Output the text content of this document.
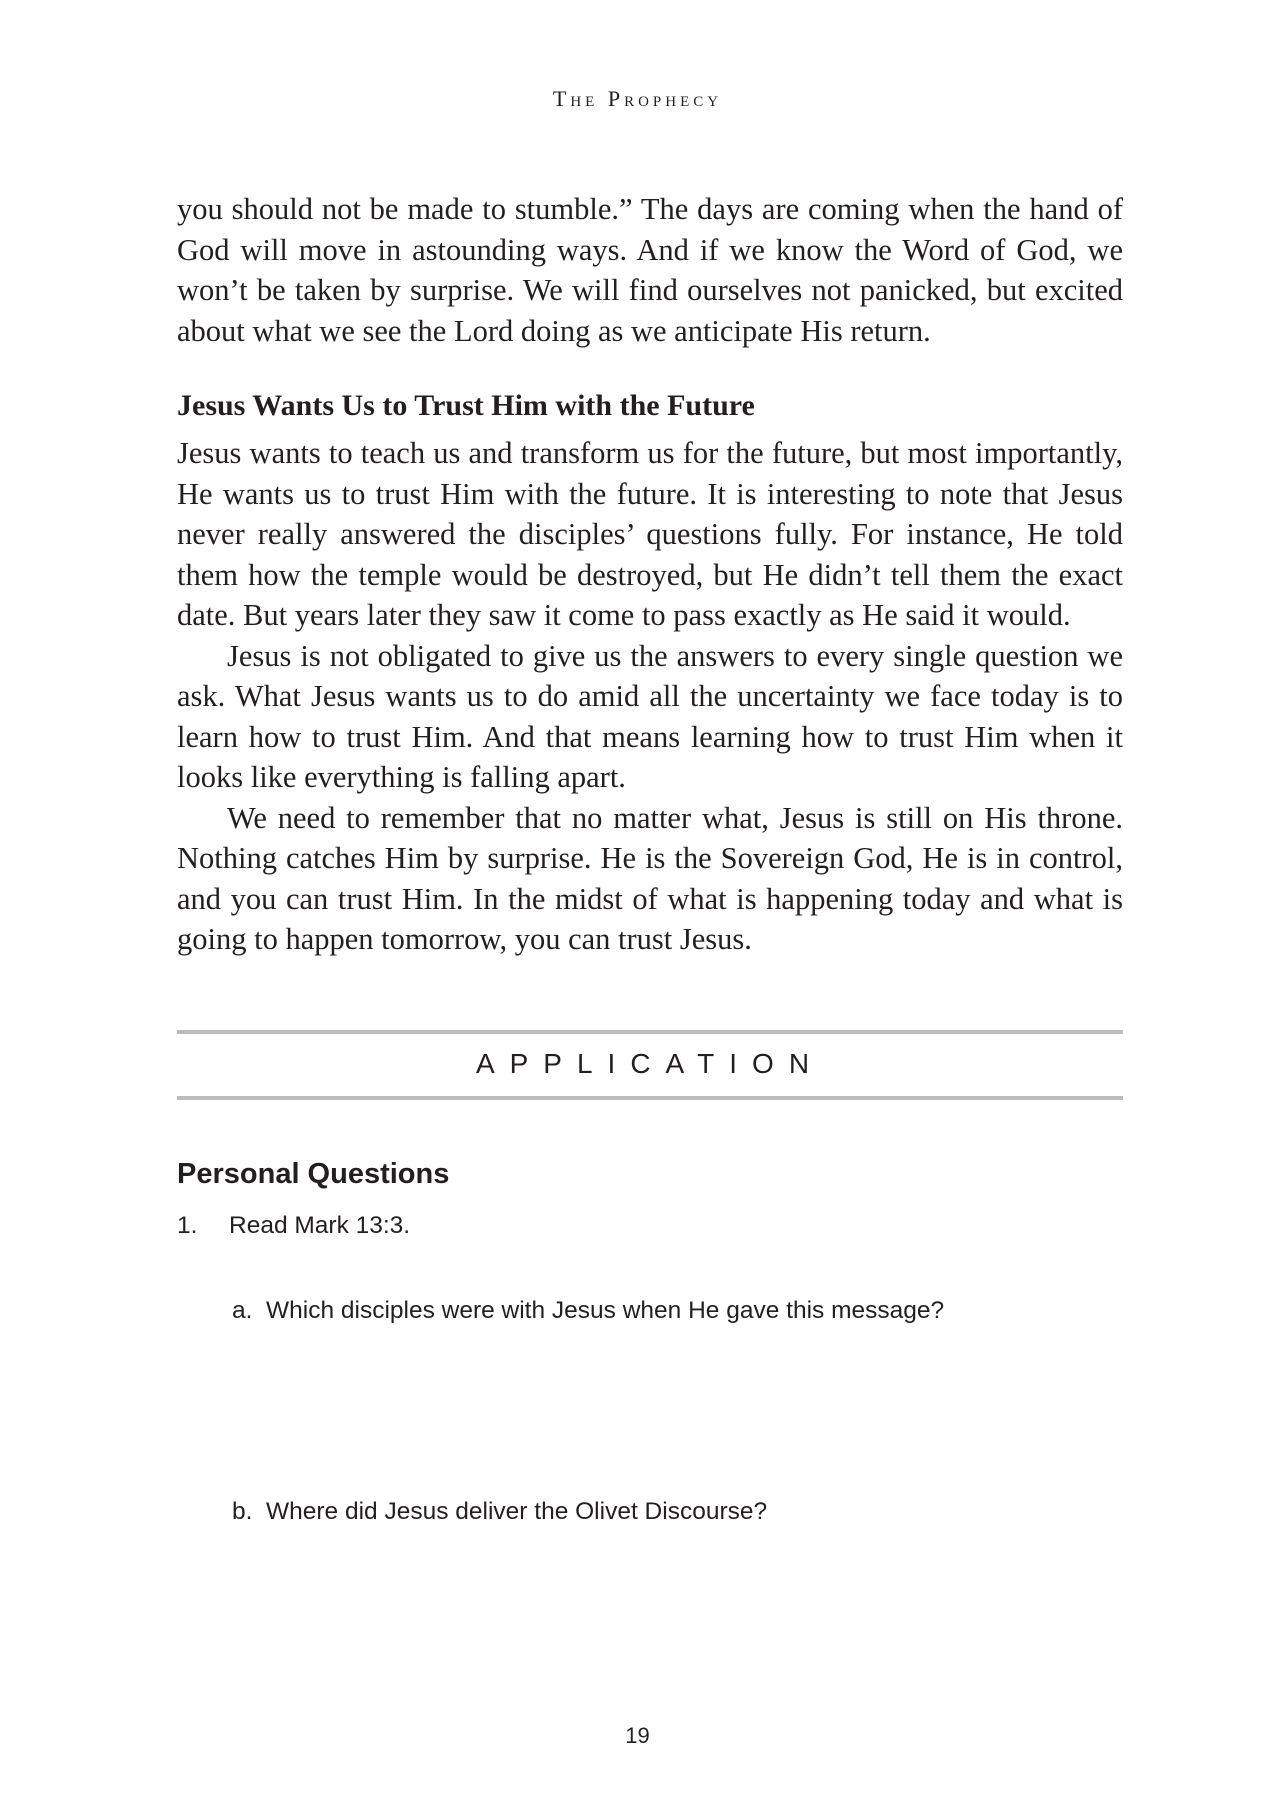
The Prophecy

you should not be made to stumble.” The days are coming when the hand of God will move in astounding ways. And if we know the Word of God, we won’t be taken by surprise. We will find ourselves not panicked, but excited about what we see the Lord doing as we anticipate His return.

Jesus Wants Us to Trust Him with the Future

Jesus wants to teach us and transform us for the future, but most importantly, He wants us to trust Him with the future. It is interesting to note that Jesus never really answered the disciples’ questions fully. For instance, He told them how the temple would be destroyed, but He didn’t tell them the exact date. But years later they saw it come to pass exactly as He said it would.

Jesus is not obligated to give us the answers to every single question we ask. What Jesus wants us to do amid all the uncertainty we face today is to learn how to trust Him. And that means learning how to trust Him when it looks like everything is falling apart.

We need to remember that no matter what, Jesus is still on His throne. Nothing catches Him by surprise. He is the Sovereign God, He is in control, and you can trust Him. In the midst of what is happening today and what is going to happen tomorrow, you can trust Jesus.

APPLICATION
Personal Questions
1. Read Mark 13:3.
a. Which disciples were with Jesus when He gave this message?
b. Where did Jesus deliver the Olivet Discourse?
19
